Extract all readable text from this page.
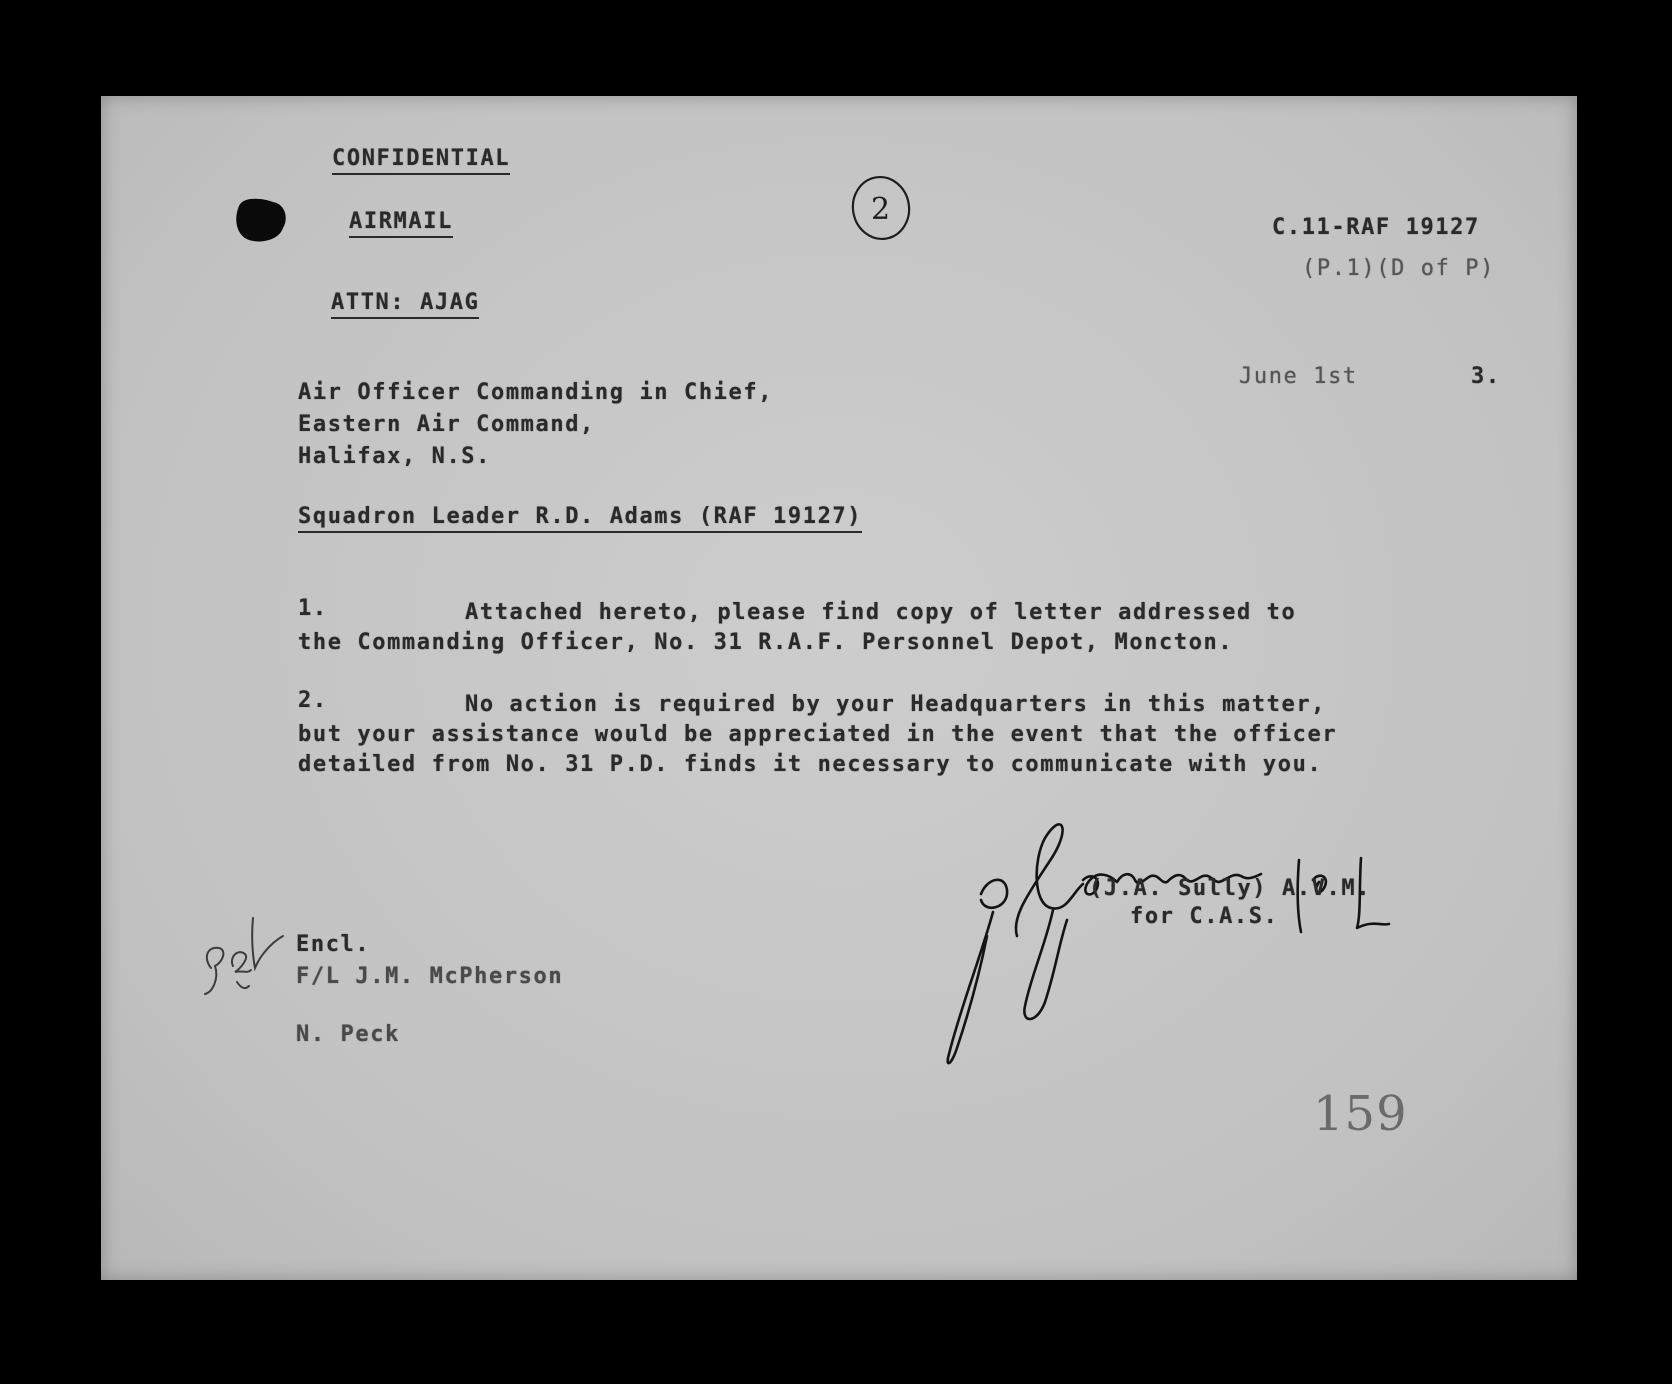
CONFIDENTIAL
AIRMAIL
ATTN: AJAG
2
C.11-RAF 19127
(P.1)(D of P)
June 1st	3.
Air Officer Commanding in Chief,
Eastern Air Command,
Halifax, N.S.
Squadron Leader R.D. Adams (RAF 19127)
1.	Attached hereto, please find copy of letter addressed to
the Commanding Officer, No. 31 R.A.F. Personnel Depot, Moncton.
2.	No action is required by your Headquarters in this matter,
but your assistance would be appreciated in the event that the officer
detailed from No. 31 P.D. finds it necessary to communicate with you.
(J.A. Sully) A.V.M.
for C.A.S.
Encl.
F/L J.M. McPherson
N. Peck
159
